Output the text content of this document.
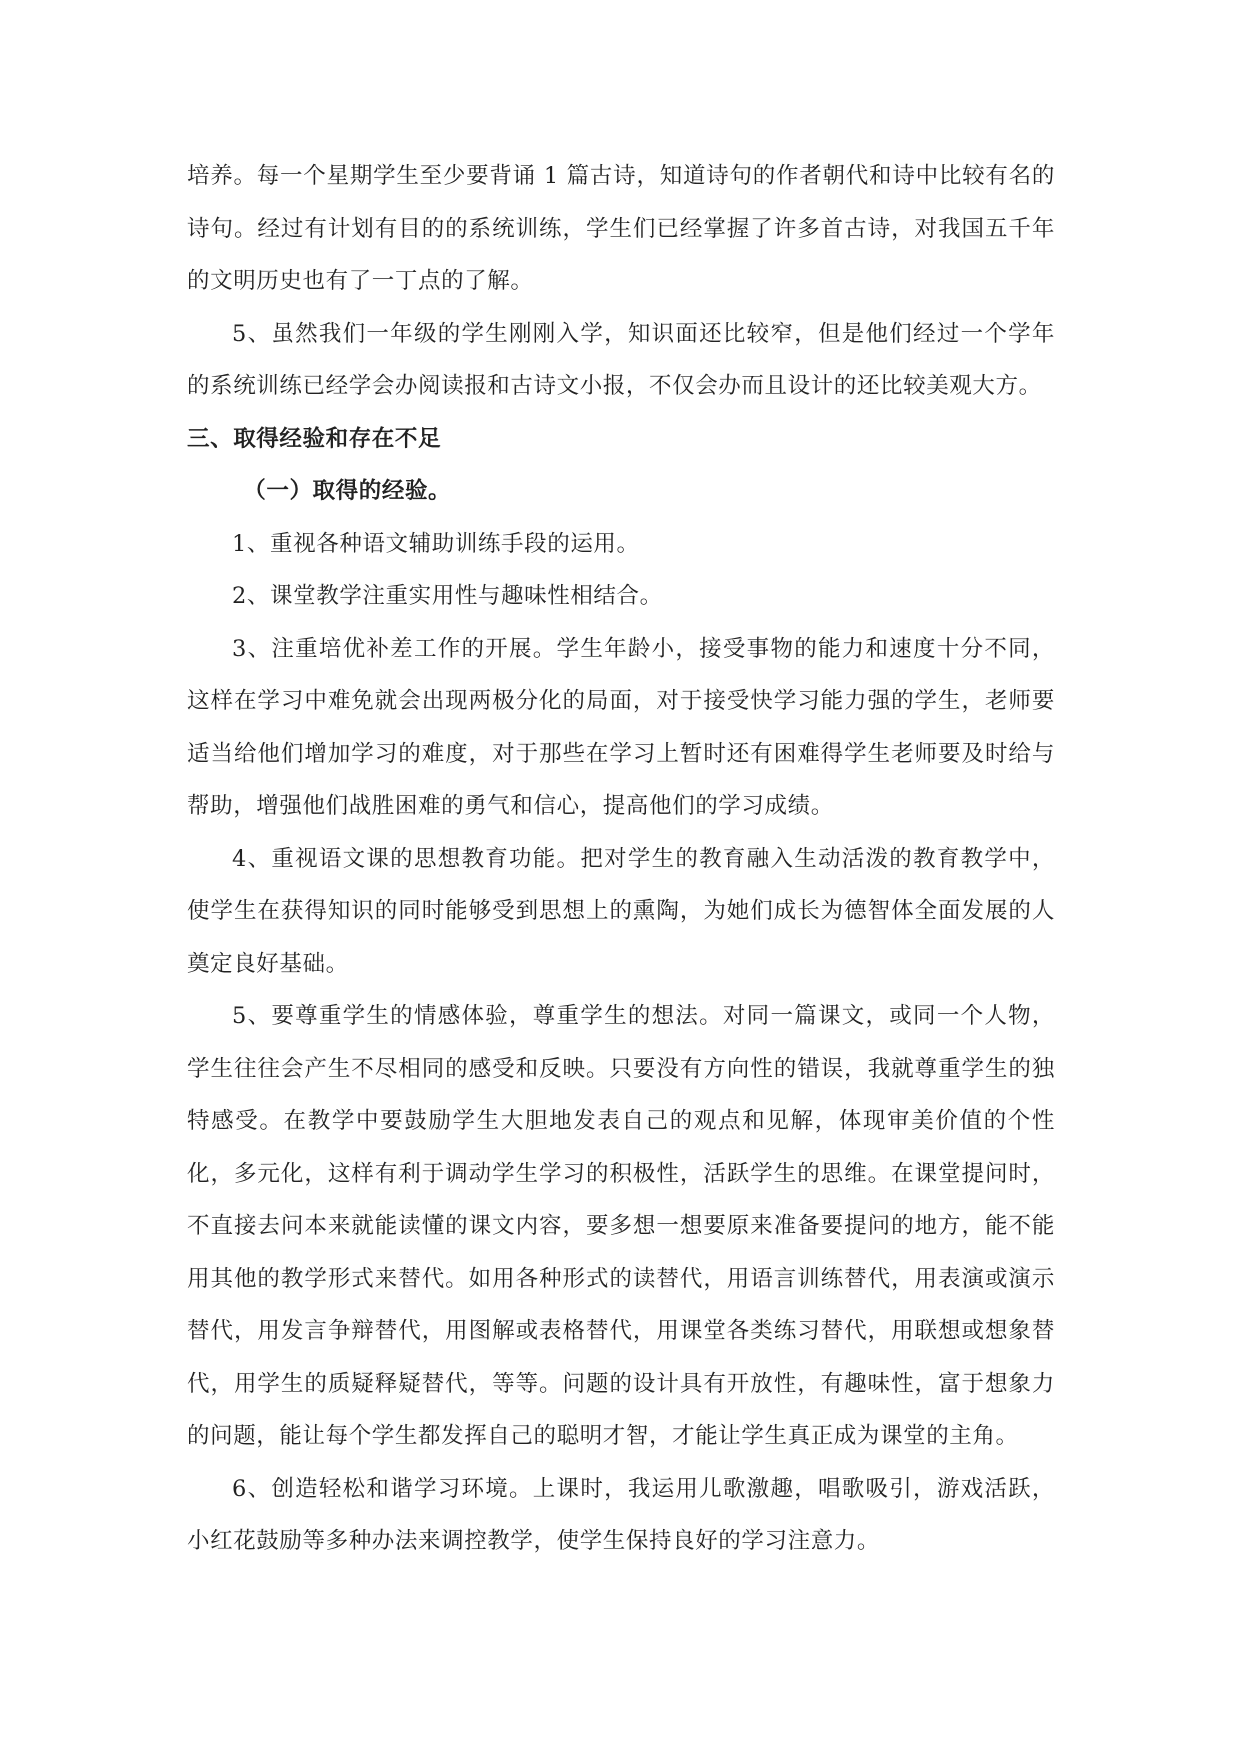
培养。每一个星期学生至少要背诵 1 篇古诗，知道诗句的作者朝代和诗中比较有名的诗句。经过有计划有目的的系统训练，学生们已经掌握了许多首古诗，对我国五千年的文明历史也有了一丁点的了解。

5、虽然我们一年级的学生刚刚入学，知识面还比较窄，但是他们经过一个学年的系统训练已经学会办阅读报和古诗文小报，不仅会办而且设计的还比较美观大方。

三、取得经验和存在不足

（一）取得的经验。

1、重视各种语文辅助训练手段的运用。

2、课堂教学注重实用性与趣味性相结合。

3、注重培优补差工作的开展。学生年龄小，接受事物的能力和速度十分不同，这样在学习中难免就会出现两极分化的局面，对于接受快学习能力强的学生，老师要适当给他们增加学习的难度，对于那些在学习上暂时还有困难得学生老师要及时给与帮助，增强他们战胜困难的勇气和信心，提高他们的学习成绩。

4、重视语文课的思想教育功能。把对学生的教育融入生动活泼的教育教学中，使学生在获得知识的同时能够受到思想上的熏陶，为她们成长为德智体全面发展的人奠定良好基础。

5、要尊重学生的情感体验，尊重学生的想法。对同一篇课文，或同一个人物，学生往往会产生不尽相同的感受和反映。只要没有方向性的错误，我就尊重学生的独特感受。在教学中要鼓励学生大胆地发表自己的观点和见解，体现审美价值的个性化，多元化，这样有利于调动学生学习的积极性，活跃学生的思维。在课堂提问时，不直接去问本来就能读懂的课文内容，要多想一想要原来准备要提问的地方，能不能用其他的教学形式来替代。如用各种形式的读替代，用语言训练替代，用表演或演示替代，用发言争辩替代，用图解或表格替代，用课堂各类练习替代，用联想或想象替代，用学生的质疑释疑替代，等等。问题的设计具有开放性，有趣味性，富于想象力的问题，能让每个学生都发挥自己的聪明才智，才能让学生真正成为课堂的主角。

6、创造轻松和谐学习环境。上课时，我运用儿歌激趣，唱歌吸引，游戏活跃，小红花鼓励等多种办法来调控教学，使学生保持良好的学习注意力。
